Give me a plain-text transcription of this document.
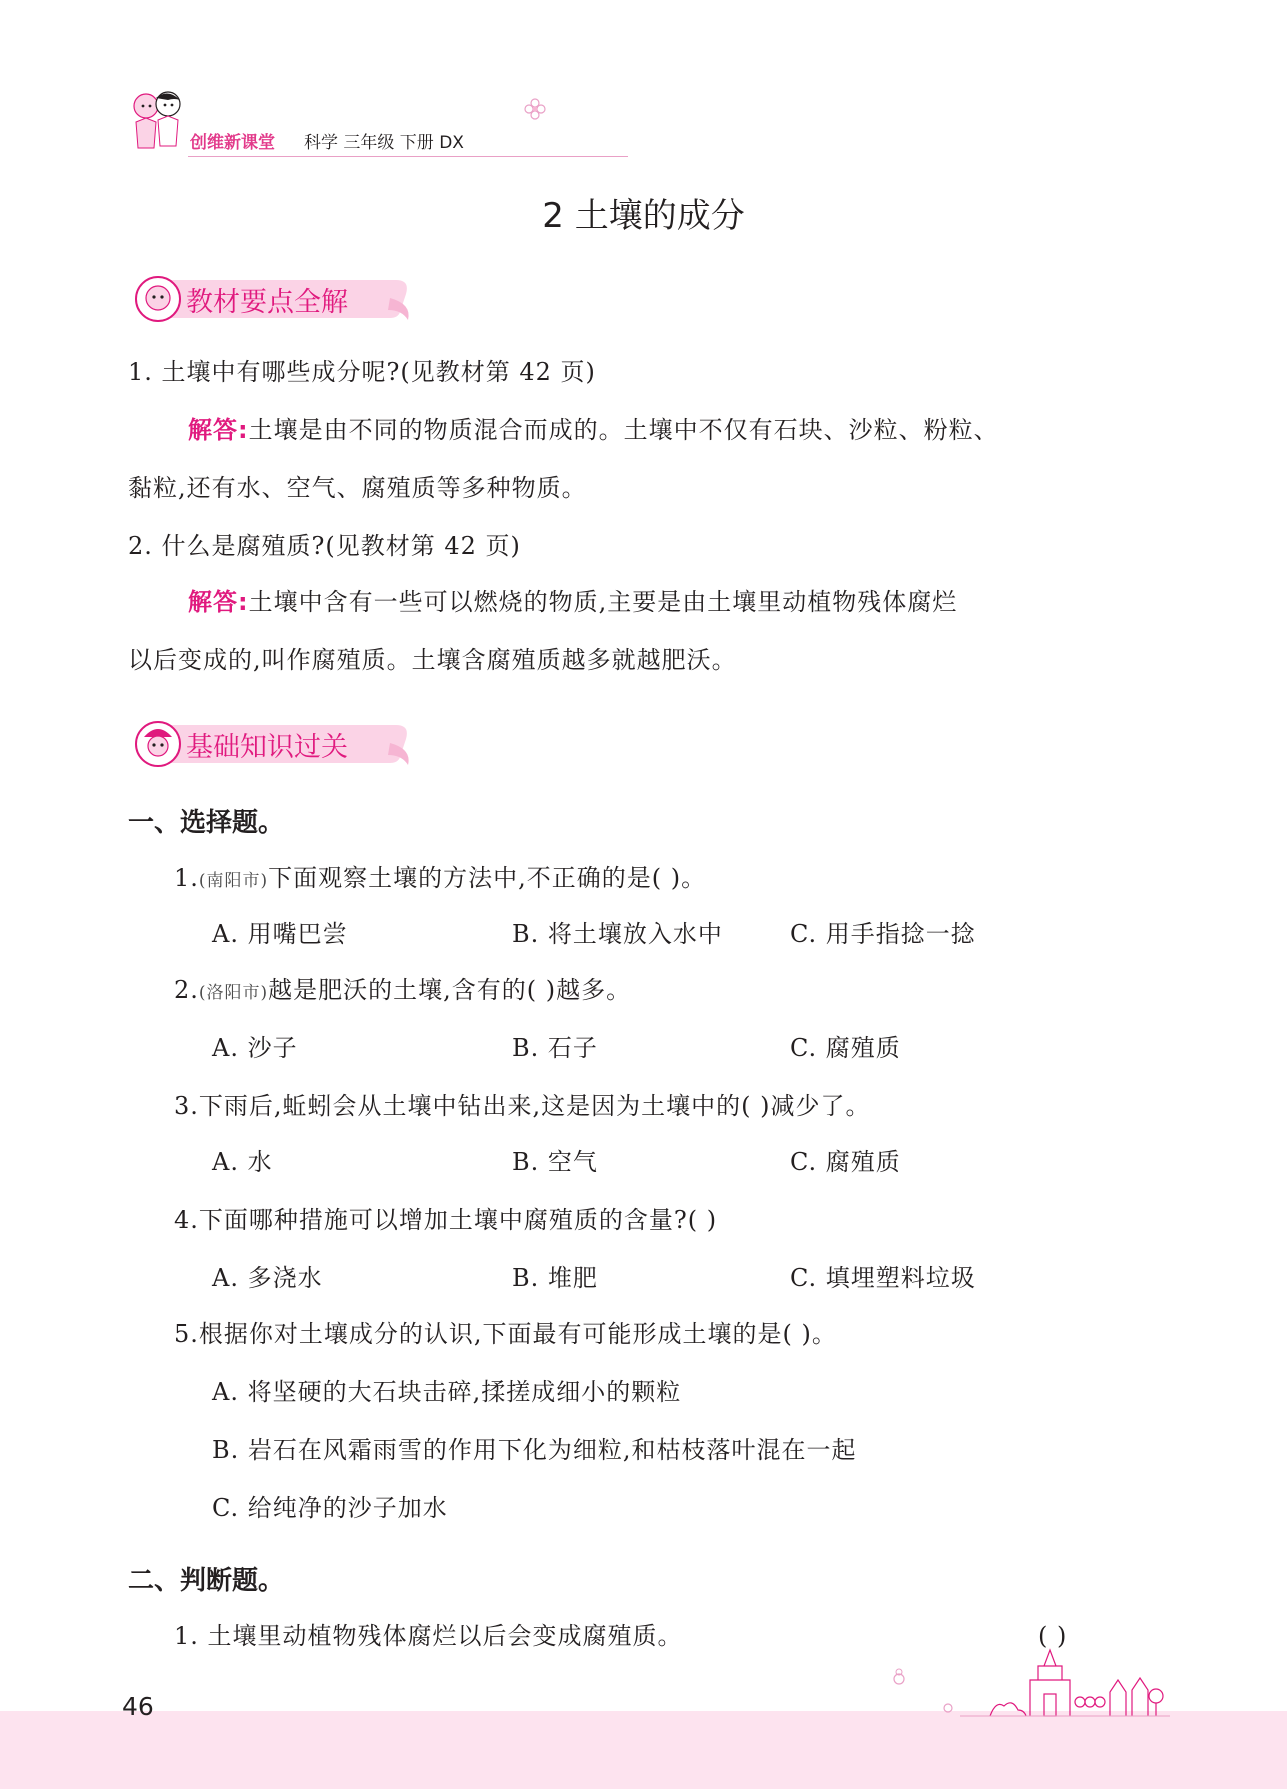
创维新课堂 科学 三年级 下册 DX
2 土壤的成分
教材要点全解
1. 土壤中有哪些成分呢?(见教材第 42 页)
解答:土壤是由不同的物质混合而成的。土壤中不仅有石块、沙粒、粉粒、
黏粒,还有水、空气、腐殖质等多种物质。
2. 什么是腐殖质?(见教材第 42 页)
解答:土壤中含有一些可以燃烧的物质,主要是由土壤里动植物残体腐烂
以后变成的,叫作腐殖质。土壤含腐殖质越多就越肥沃。
基础知识过关
一、选择题。
1.(南阳市)下面观察土壤的方法中,不正确的是( )。
A. 用嘴巴尝	B. 将土壤放入水中	C. 用手指捻一捻
2.(洛阳市)越是肥沃的土壤,含有的( )越多。
A. 沙子	B. 石子	C. 腐殖质
3.下雨后,蚯蚓会从土壤中钻出来,这是因为土壤中的( )减少了。
A. 水	B. 空气	C. 腐殖质
4.下面哪种措施可以增加土壤中腐殖质的含量?( )
A. 多浇水	B. 堆肥	C. 填埋塑料垃圾
5.根据你对土壤成分的认识,下面最有可能形成土壤的是( )。
A. 将坚硬的大石块击碎,揉搓成细小的颗粒
B. 岩石在风霜雨雪的作用下化为细粒,和枯枝落叶混在一起
C. 给纯净的沙子加水
二、判断题。
1. 土壤里动植物残体腐烂以后会变成腐殖质。	( )
46
